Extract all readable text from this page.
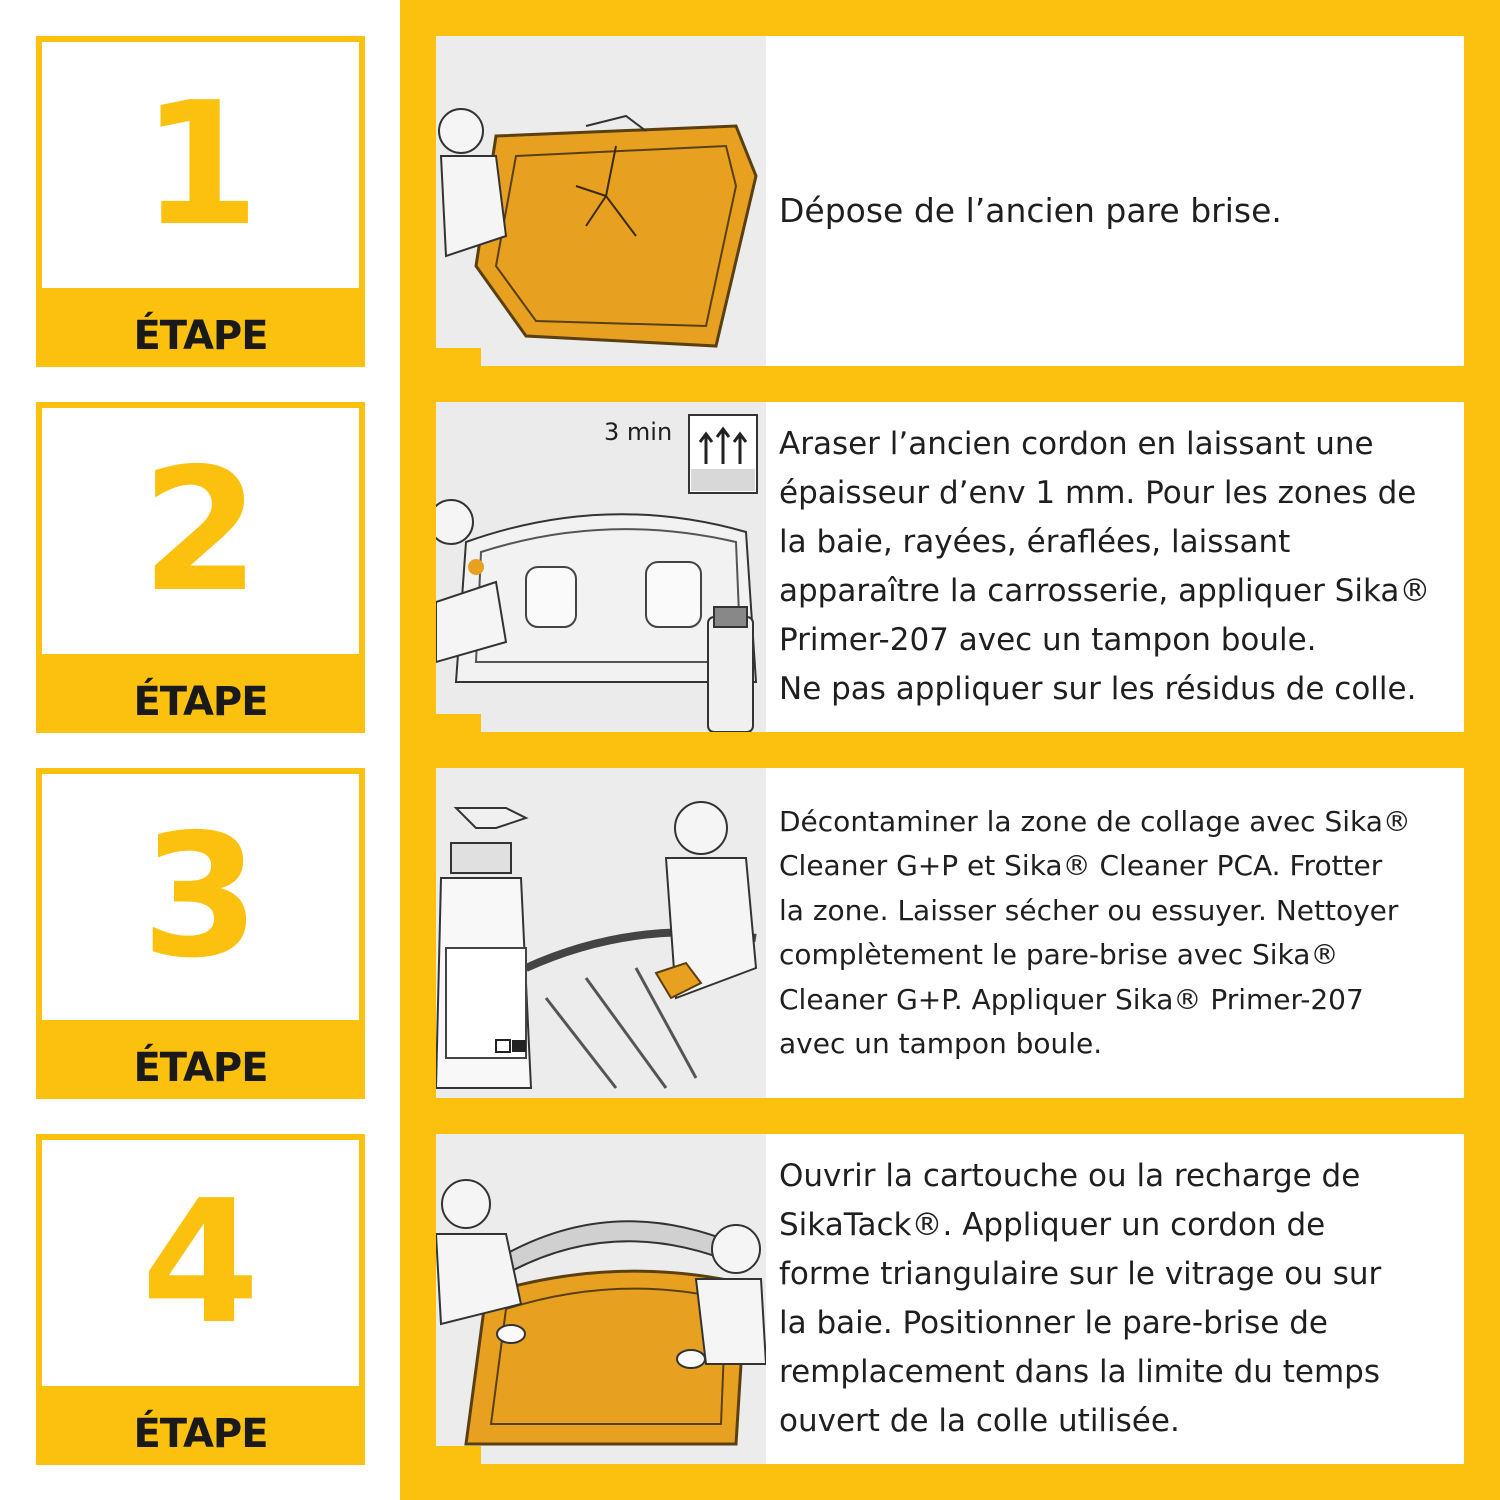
1
ÉTAPE
2
ÉTAPE
3
ÉTAPE
4
ÉTAPE

Dépose de l’ancien pare brise.

3 min	Araser l’ancien cordon en laissant une
épaisseur d’env 1 mm. Pour les zones de
la baie, rayées, éraflées, laissant
apparaître la carrosserie, appliquer Sika®
Primer-207 avec un tampon boule.
Ne pas appliquer sur les résidus de colle.

Décontaminer la zone de collage avec Sika®
Cleaner G+P et Sika® Cleaner PCA. Frotter
la zone. Laisser sécher ou essuyer. Nettoyer
complètement le pare-brise avec Sika®
Cleaner G+P. Appliquer Sika® Primer-207
avec un tampon boule.

Ouvrir la cartouche ou la recharge de
SikaTack®. Appliquer un cordon de
forme triangulaire sur le vitrage ou sur
la baie. Positionner le pare-brise de
remplacement dans la limite du temps
ouvert de la colle utilisée.
